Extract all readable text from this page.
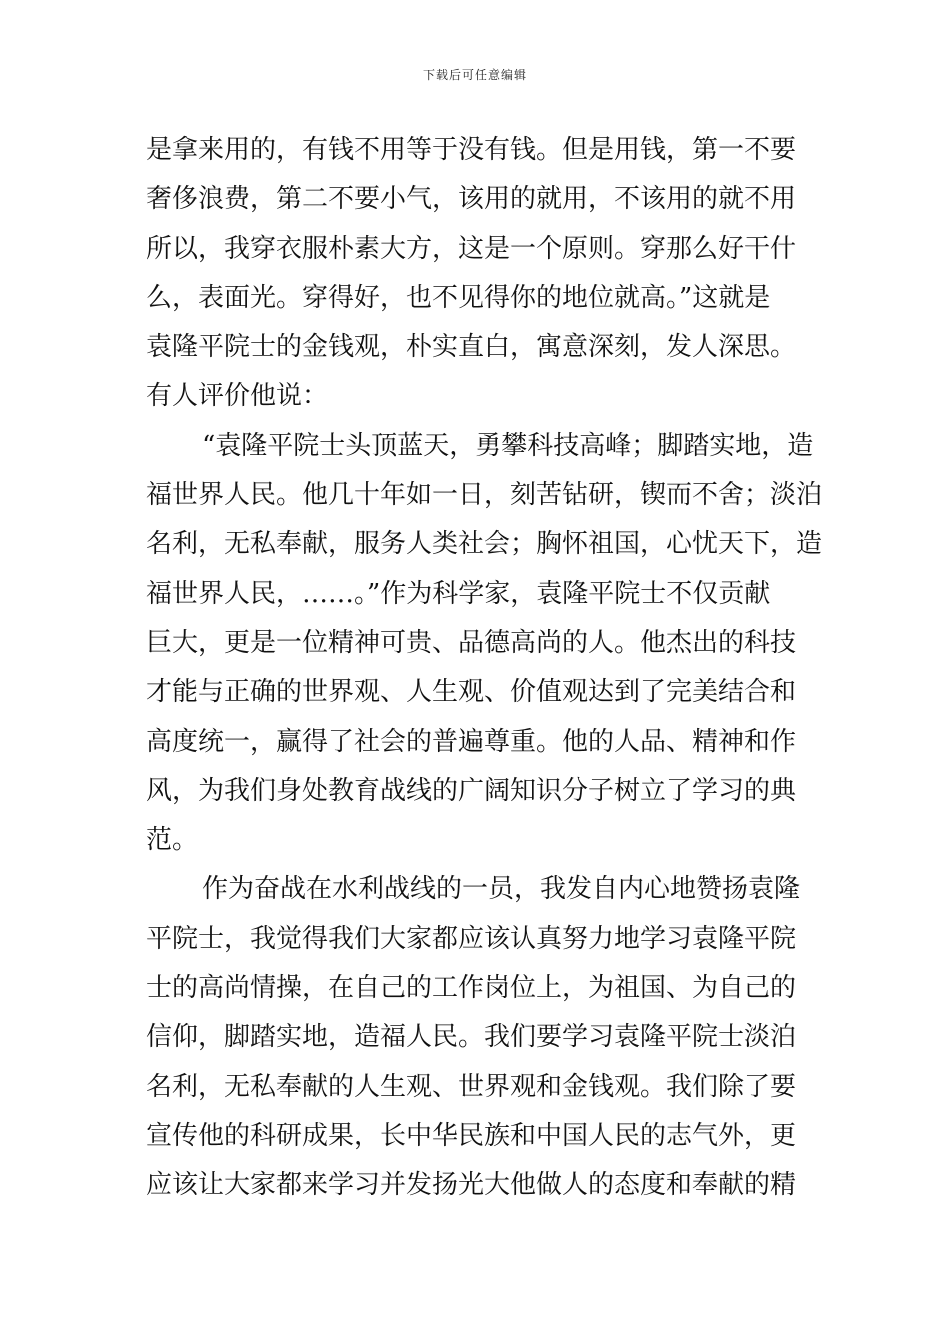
下载后可任意编辑
是拿来用的，有钱不用等于没有钱。但是用钱，第一不要
奢侈浪费，第二不要小气，该用的就用，不该用的就不用
所以，我穿衣服朴素大方，这是一个原则。穿那么好干什
么，表面光。穿得好，也不见得你的地位就高。”这就是
袁隆平院士的金钱观，朴实直白，寓意深刻，发人深思。
有人评价他说：
“袁隆平院士头顶蓝天，勇攀科技高峰；脚踏实地，造
福世界人民。他几十年如一日，刻苦钻研，锲而不舍；淡泊
名利，无私奉献，服务人类社会；胸怀祖国，心忧天下，造
福世界人民，……。”作为科学家，袁隆平院士不仅贡献
巨大，更是一位精神可贵、品德高尚的人。他杰出的科技
才能与正确的世界观、人生观、价值观达到了完美结合和
高度统一，赢得了社会的普遍尊重。他的人品、精神和作
风，为我们身处教育战线的广阔知识分子树立了学习的典
范。
作为奋战在水利战线的一员，我发自内心地赞扬袁隆
平院士，我觉得我们大家都应该认真努力地学习袁隆平院
士的高尚情操，在自己的工作岗位上，为祖国、为自己的
信仰，脚踏实地，造福人民。我们要学习袁隆平院士淡泊
名利，无私奉献的人生观、世界观和金钱观。我们除了要
宣传他的科研成果，长中华民族和中国人民的志气外，更
应该让大家都来学习并发扬光大他做人的态度和奉献的精
